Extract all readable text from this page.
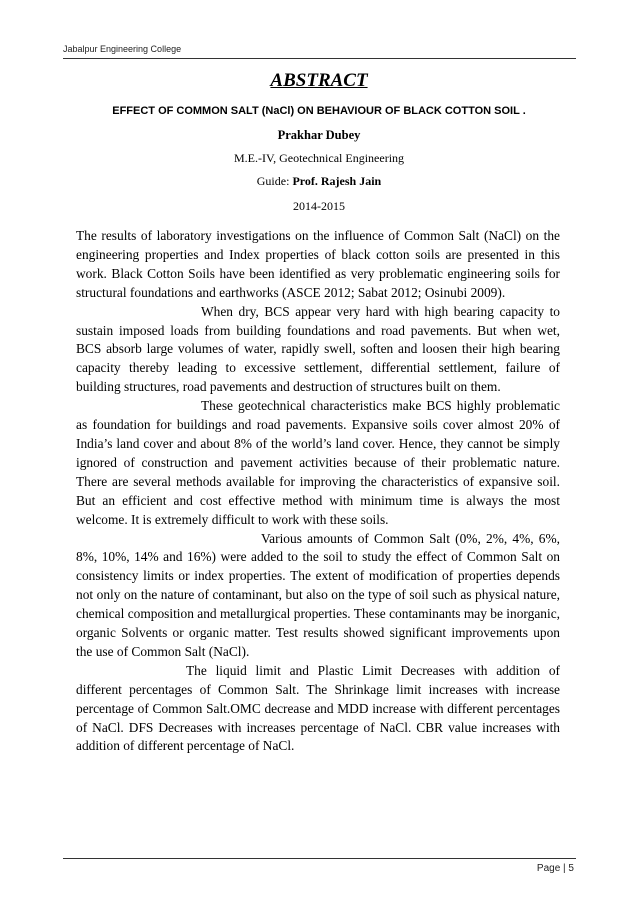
Jabalpur Engineering College
ABSTRACT
EFFECT OF COMMON SALT (NaCl) ON BEHAVIOUR OF BLACK COTTON SOIL .
Prakhar Dubey
M.E.-IV, Geotechnical Engineering
Guide: Prof. Rajesh Jain
2014-2015

The results of laboratory investigations on the influence of Common Salt (NaCl) on the engineering properties and Index properties of black cotton soils are presented in this work. Black Cotton Soils have been identified as very problematic engineering soils for structural foundations and earthworks (ASCE 2012; Sabat 2012; Osinubi 2009).

When dry, BCS appear very hard with high bearing capacity to sustain imposed loads from building foundations and road pavements. But when wet, BCS absorb large volumes of water, rapidly swell, soften and loosen their high bearing capacity thereby leading to excessive settlement, differential settlement, failure of building structures, road pavements and destruction of structures built on them.

These geotechnical characteristics make BCS highly problematic as foundation for buildings and road pavements. Expansive soils cover almost 20% of India’s land cover and about 8% of the world’s land cover. Hence, they cannot be simply ignored of construction and pavement activities because of their problematic nature. There are several methods available for improving the characteristics of expansive soil. But an efficient and cost effective method with minimum time is always the most welcome. It is extremely difficult to work with these soils.

Various amounts of Common Salt (0%, 2%, 4%, 6%, 8%, 10%, 14% and 16%) were added to the soil to study the effect of Common Salt on consistency limits or index properties. The extent of modification of properties depends not only on the nature of contaminant, but also on the type of soil such as physical nature, chemical composition and metallurgical properties. These contaminants may be inorganic, organic Solvents or organic matter. Test results showed significant improvements upon the use of Common Salt (NaCl).

The liquid limit and Plastic Limit Decreases with addition of different percentages of Common Salt. The Shrinkage limit increases with increase percentage of Common Salt.OMC decrease and MDD increase with different percentages of NaCl. DFS Decreases with increases percentage of NaCl. CBR value increases with addition of different percentage of NaCl.

Page | 5
